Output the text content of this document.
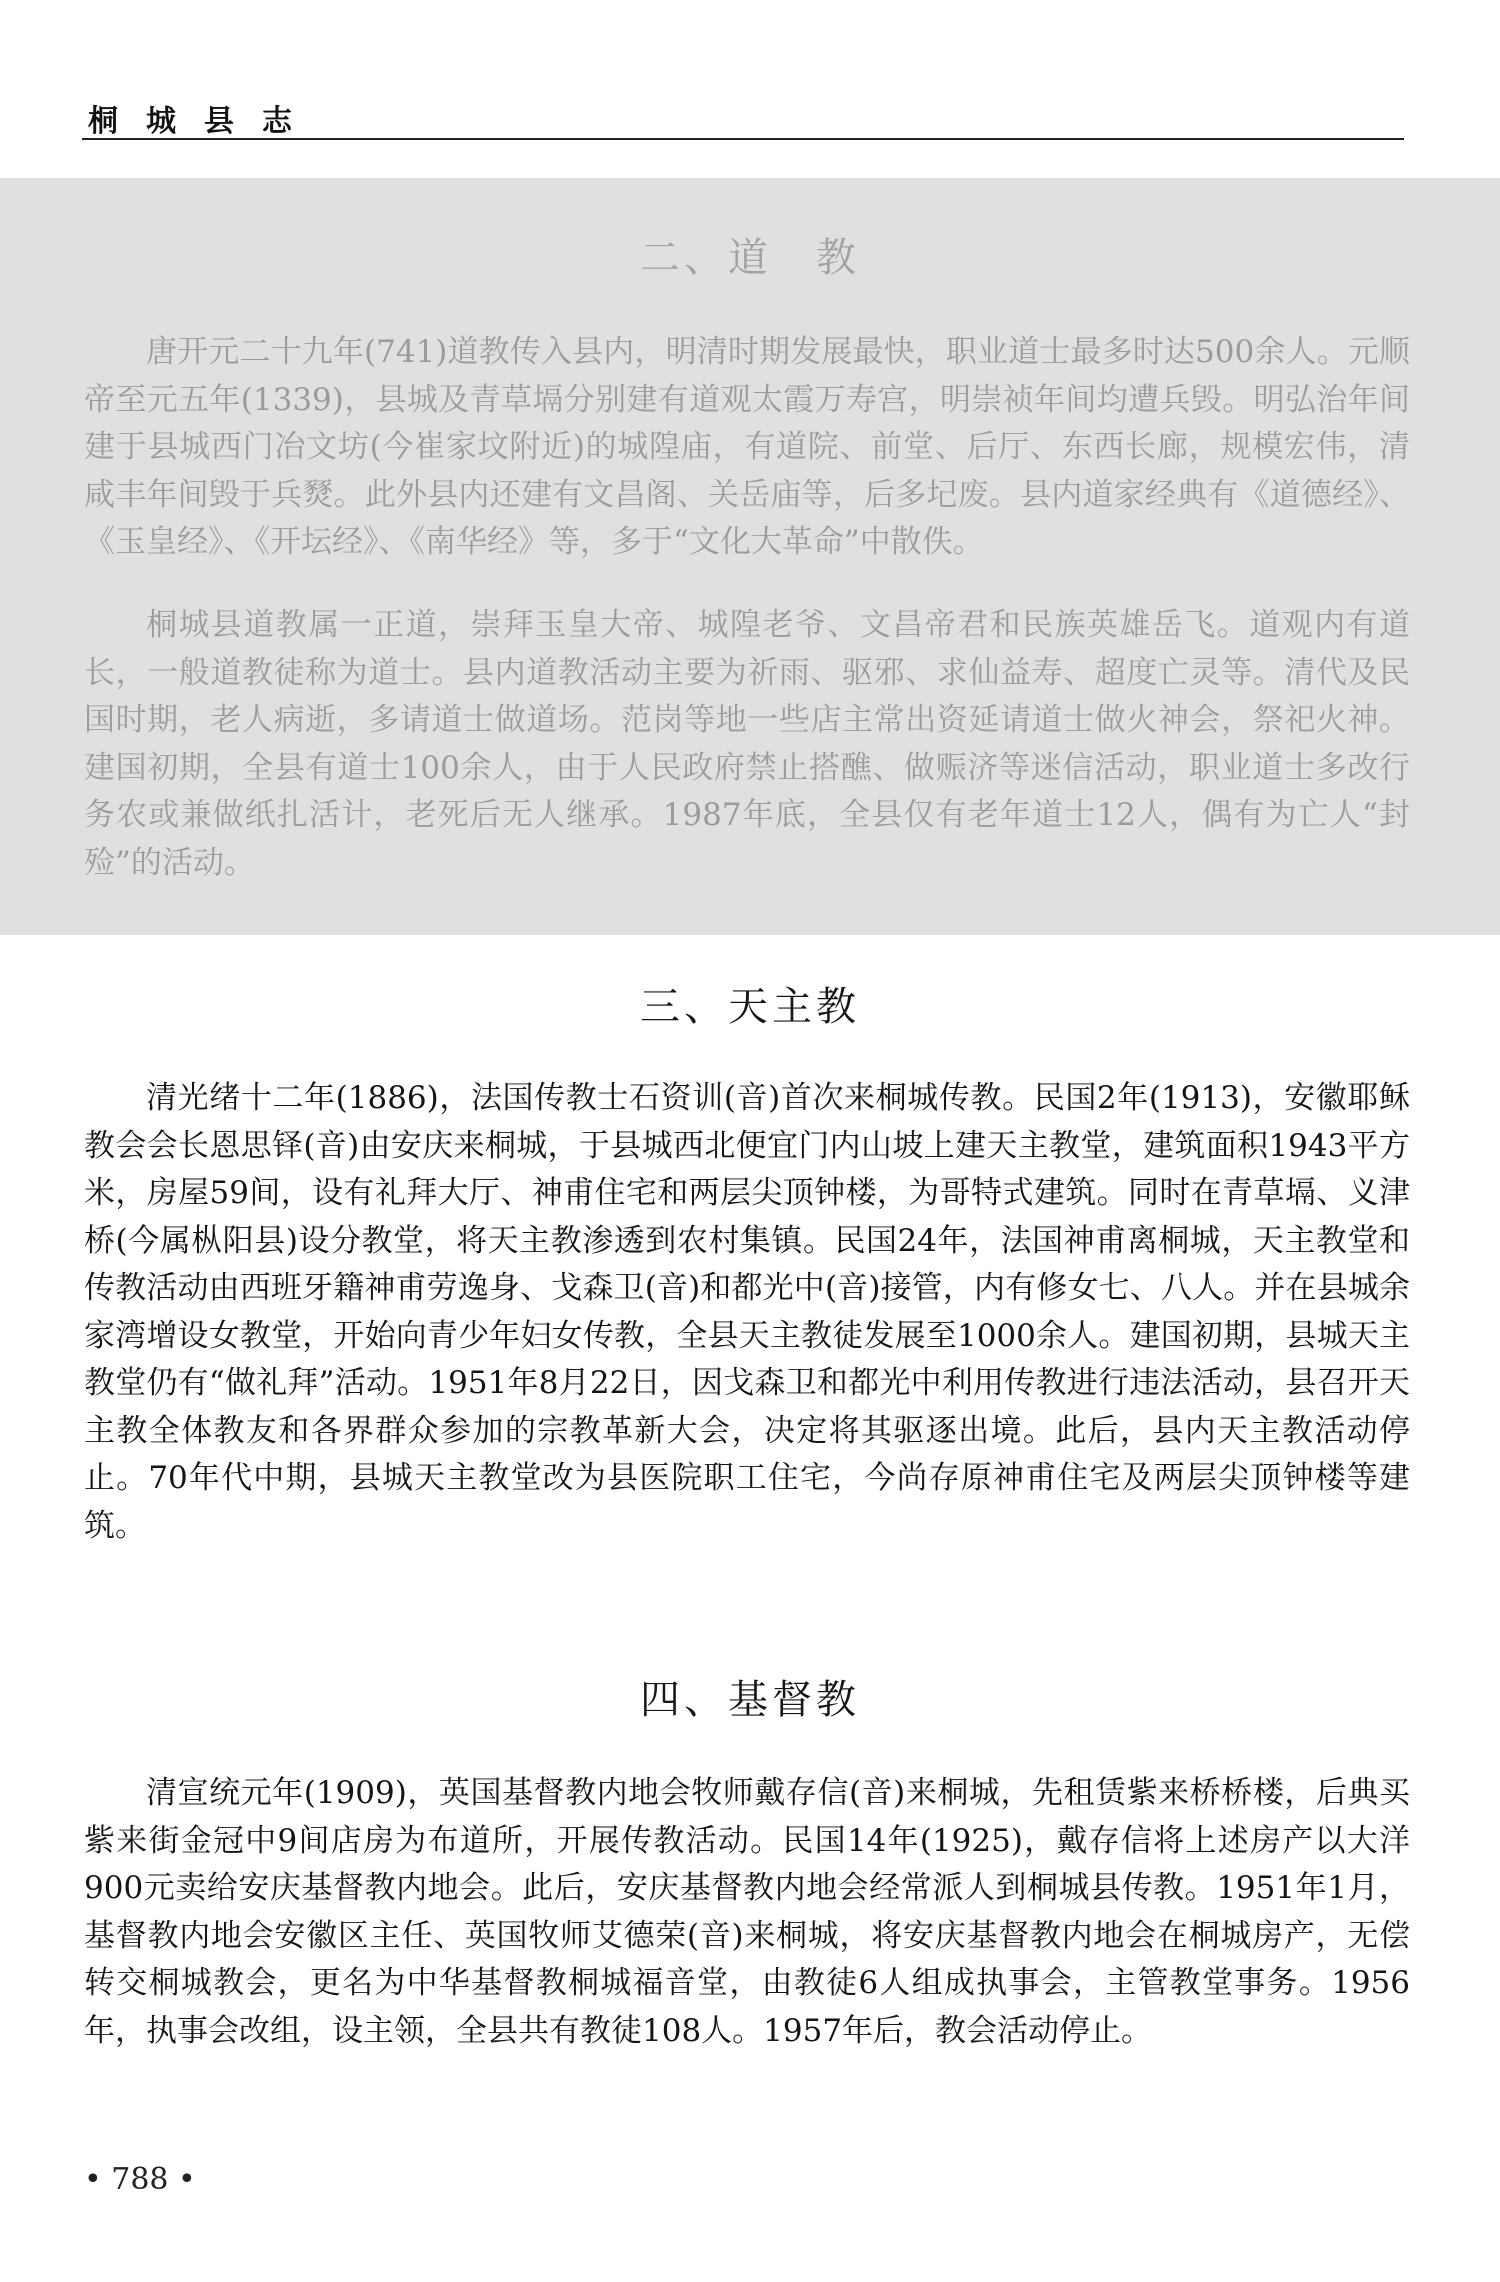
桐城县志
二、道　教

唐开元二十九年(741)道教传入县内，明清时期发展最快，职业道士最多时达500余人。元顺帝至元五年(1339)，县城及青草塥分别建有道观太霞万寿宫，明崇祯年间均遭兵毁。明弘治年间建于县城西门冶文坊(今崔家坟附近)的城隍庙，有道院、前堂、后厅、东西长廊，规模宏伟，清咸丰年间毁于兵燹。此外县内还建有文昌阁、关岳庙等，后多圮废。县内道家经典有《道德经》、《玉皇经》、《开坛经》、《南华经》等，多于“文化大革命”中散佚。

桐城县道教属一正道，崇拜玉皇大帝、城隍老爷、文昌帝君和民族英雄岳飞。道观内有道长，一般道教徒称为道士。县内道教活动主要为祈雨、驱邪、求仙益寿、超度亡灵等。清代及民国时期，老人病逝，多请道士做道场。范岗等地一些店主常出资延请道士做火神会，祭祀火神。建国初期，全县有道士100余人，由于人民政府禁止搭醮、做赈济等迷信活动，职业道士多改行务农或兼做纸扎活计，老死后无人继承。1987年底，全县仅有老年道士12人，偶有为亡人“封殓”的活动。

三、天主教

清光绪十二年(1886)，法国传教士石资训(音)首次来桐城传教。民国2年(1913)，安徽耶稣教会会长恩思铎(音)由安庆来桐城，于县城西北便宜门内山坡上建天主教堂，建筑面积1943平方米，房屋59间，设有礼拜大厅、神甫住宅和两层尖顶钟楼，为哥特式建筑。同时在青草塥、义津桥(今属枞阳县)设分教堂，将天主教渗透到农村集镇。民国24年，法国神甫离桐城，天主教堂和传教活动由西班牙籍神甫劳逸身、戈森卫(音)和都光中(音)接管，内有修女七、八人。并在县城余家湾增设女教堂，开始向青少年妇女传教，全县天主教徒发展至1000余人。建国初期，县城天主教堂仍有“做礼拜”活动。1951年8月22日，因戈森卫和都光中利用传教进行违法活动，县召开天主教全体教友和各界群众参加的宗教革新大会，决定将其驱逐出境。此后，县内天主教活动停止。70年代中期，县城天主教堂改为县医院职工住宅，今尚存原神甫住宅及两层尖顶钟楼等建筑。

四、基督教

清宣统元年(1909)，英国基督教内地会牧师戴存信(音)来桐城，先租赁紫来桥桥楼，后典买紫来街金冠中9间店房为布道所，开展传教活动。民国14年(1925)，戴存信将上述房产以大洋900元卖给安庆基督教内地会。此后，安庆基督教内地会经常派人到桐城县传教。1951年1月，基督教内地会安徽区主任、英国牧师艾德荣(音)来桐城，将安庆基督教内地会在桐城房产，无偿转交桐城教会，更名为中华基督教桐城福音堂，由教徒6人组成执事会，主管教堂事务。1956年，执事会改组，设主领，全县共有教徒108人。1957年后，教会活动停止。

• 788 •
